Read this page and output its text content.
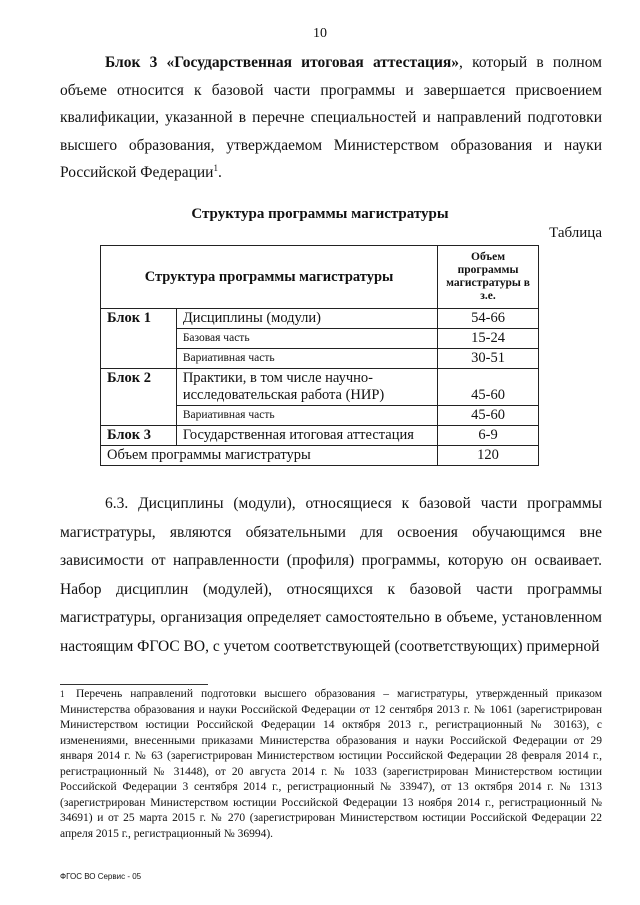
10

Блок 3 «Государственная итоговая аттестация», который в полном объеме относится к базовой части программы и завершается присвоением квалификации, указанной в перечне специальностей и направлений подготовки высшего образования, утверждаемом Министерством образования и науки Российской Федерации$^1$.

Структура программы магистратуры
Таблица
Структура программы магистратуры		Объем программы магистратуры в з.е.
Блок 1	Дисциплины (модули)	54-66
	Базовая часть	15-24
	Вариативная часть	30-51
Блок 2	Практики, в том числе научно-исследовательская работа (НИР)	45-60
	Вариативная часть	45-60
Блок 3	Государственная итоговая аттестация	6-9
Объем программы магистратуры		120

6.3. Дисциплины (модули), относящиеся к базовой части программы магистратуры, являются обязательными для освоения обучающимся вне зависимости от направленности (профиля) программы, которую он осваивает. Набор дисциплин (модулей), относящихся к базовой части программы магистратуры, организация определяет самостоятельно в объеме, установленном настоящим ФГОС ВО, с учетом соответствующей (соответствующих) примерной

1 Перечень направлений подготовки высшего образования – магистратуры, утвержденный приказом Министерства образования и науки Российской Федерации от 12 сентября 2013 г. № 1061 (зарегистрирован Министерством юстиции Российской Федерации 14 октября 2013 г., регистрационный № 30163), с изменениями, внесенными приказами Министерства образования и науки Российской Федерации от 29 января 2014 г. № 63 (зарегистрирован Министерством юстиции Российской Федерации 28 февраля 2014 г., регистрационный № 31448), от 20 августа 2014 г. № 1033 (зарегистрирован Министерством юстиции Российской Федерации 3 сентября 2014 г., регистрационный № 33947), от 13 октября 2014 г. № 1313 (зарегистрирован Министерством юстиции Российской Федерации 13 ноября 2014 г., регистрационный № 34691) и от 25 марта 2015 г. № 270 (зарегистрирован Министерством юстиции Российской Федерации 22 апреля 2015 г., регистрационный № 36994).

ФГОС ВО Сервис - 05
